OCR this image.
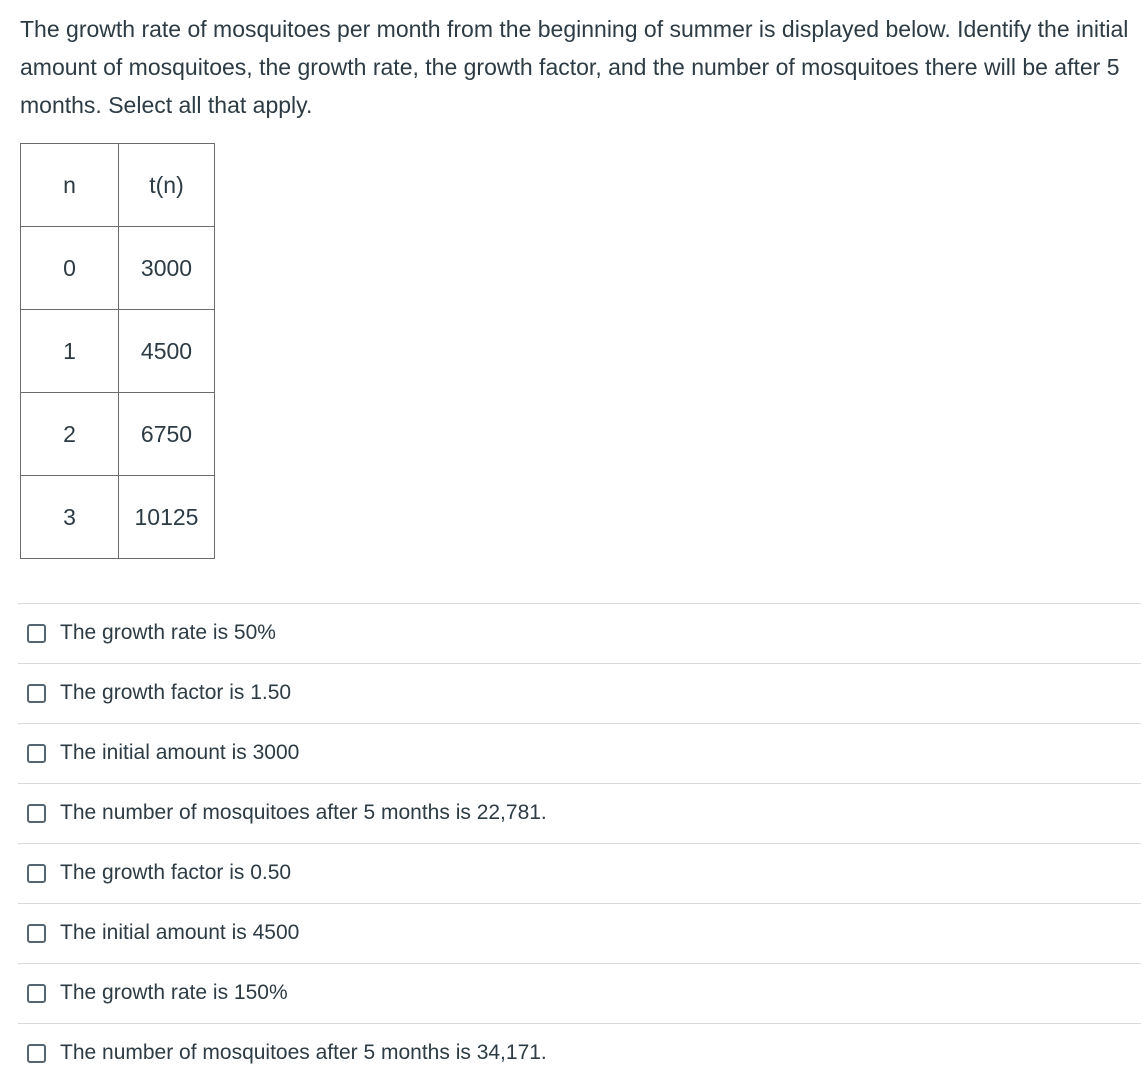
The growth rate of mosquitoes per month from the beginning of summer is displayed below. Identify the initial amount of mosquitoes, the growth rate, the growth factor, and the number of mosquitoes there will be after 5 months. Select all that apply.

n	t(n)
0	3000
1	4500
2	6750
3	10125
The growth rate is 50%
The growth factor is 1.50
The initial amount is 3000
The number of mosquitoes after 5 months is 22,781.
The growth factor is 0.50
The initial amount is 4500
The growth rate is 150%
The number of mosquitoes after 5 months is 34,171.
